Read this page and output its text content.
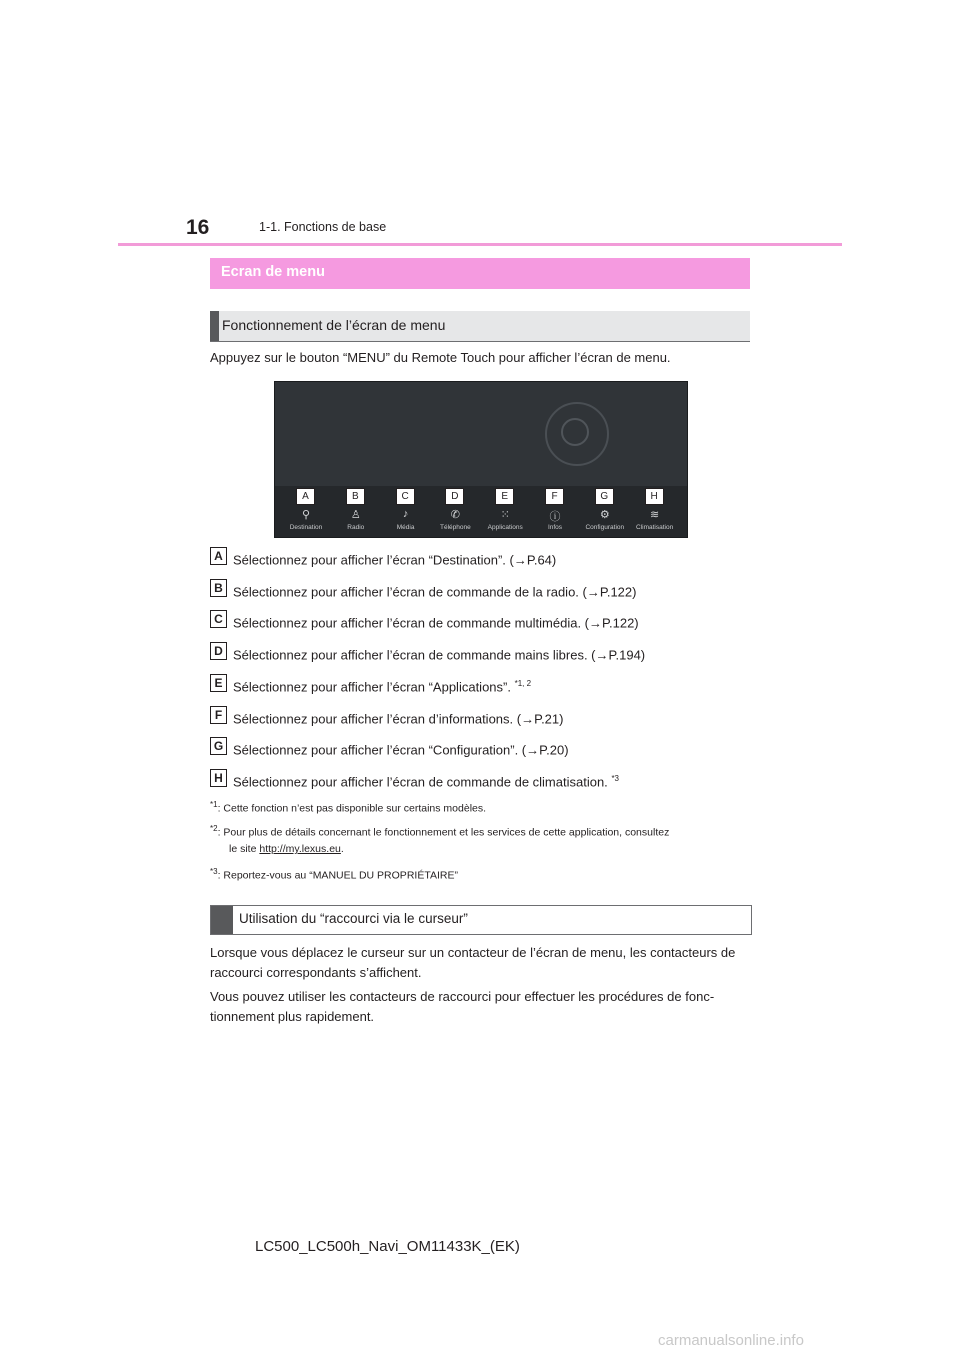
16	1-1. Fonctions de base
Ecran de menu
Fonctionnement de l’écran de menu
Appuyez sur le bouton “MENU” du Remote Touch pour afficher l’écran de menu.
A
⚲
Destination
B
♙
Radio
C
♪
Média
D
✆
Téléphone
E
⁙
Applications
F
ⓘ
Infos
G
⚙
Configuration
H
≋
Climatisation
A Sélectionnez pour afficher l’écran “Destination”. (→P.64)
B Sélectionnez pour afficher l’écran de commande de la radio. (→P.122)
C Sélectionnez pour afficher l’écran de commande multimédia. (→P.122)
D Sélectionnez pour afficher l’écran de commande mains libres. (→P.194)
E Sélectionnez pour afficher l’écran “Applications”. $^{*1, 2}$
F Sélectionnez pour afficher l’écran d’informations. (→P.21)
G Sélectionnez pour afficher l’écran “Configuration”. (→P.20)
H Sélectionnez pour afficher l’écran de commande de climatisation. $^{*3}$
$^{*1}$: Cette fonction n’est pas disponible sur certains modèles.
$^{*2}$: Pour plus de détails concernant le fonctionnement et les services de cette application, consultez
le site http://my.lexus.eu.
$^{*3}$: Reportez-vous au “MANUEL DU PROPRIÉTAIRE”
Utilisation du “raccourci via le curseur”
Lorsque vous déplacez le curseur sur un contacteur de l’écran de menu, les contacteurs de raccourci correspondants s’affichent.
Vous pouvez utiliser les contacteurs de raccourci pour effectuer les procédures de fonc-tionnement plus rapidement.
LC500_LC500h_Navi_OM11433K_(EK)
carmanualsonline.info
